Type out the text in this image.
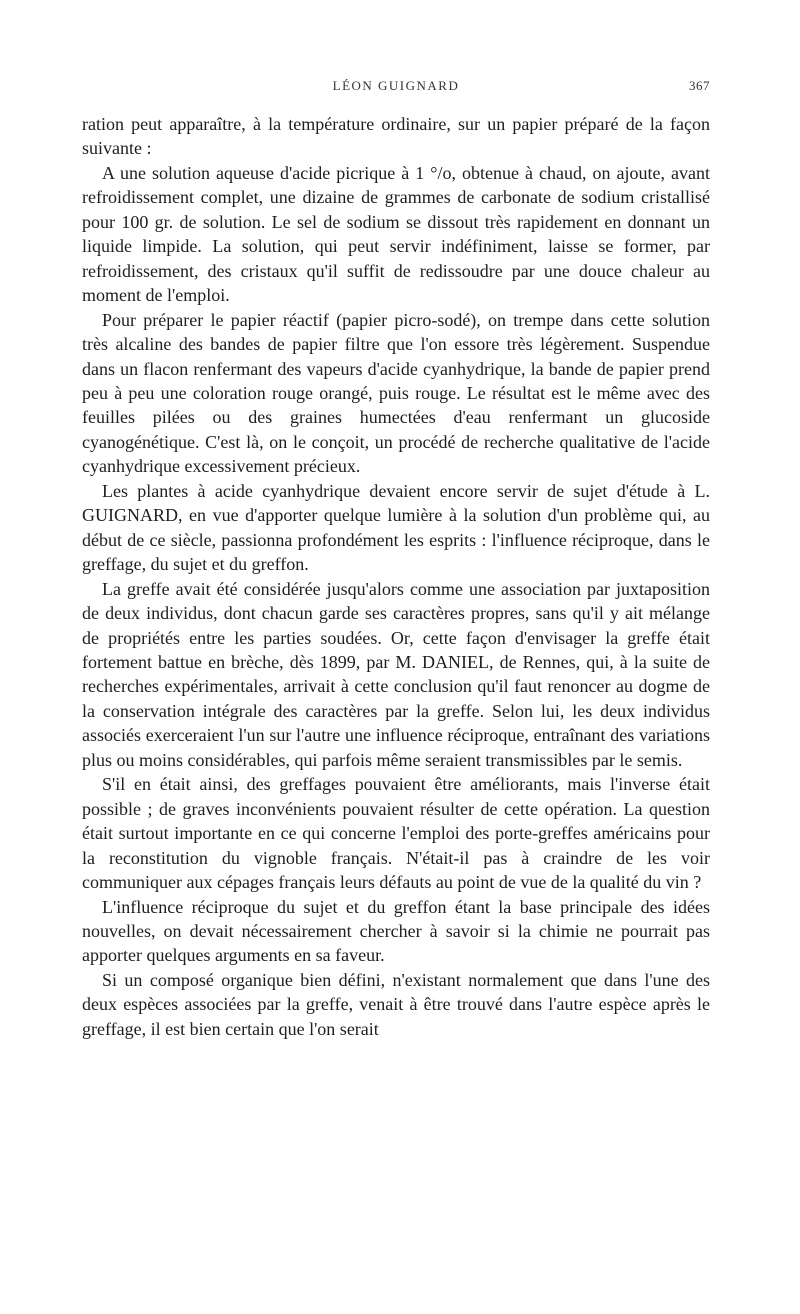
LÉON GUIGNARD	367

ration peut apparaître, à la température ordinaire, sur un papier préparé de la façon suivante :

A une solution aqueuse d'acide picrique à 1 °/o, obtenue à chaud, on ajoute, avant refroidissement complet, une dizaine de grammes de carbonate de sodium cristallisé pour 100 gr. de solution. Le sel de sodium se dissout très rapidement en donnant un liquide limpide. La solution, qui peut servir indéfiniment, laisse se former, par refroidissement, des cristaux qu'il suffit de redissoudre par une douce chaleur au moment de l'emploi.

Pour préparer le papier réactif (papier picro-sodé), on trempe dans cette solution très alcaline des bandes de papier filtre que l'on essore très légèrement. Suspendue dans un flacon renfermant des vapeurs d'acide cyanhydrique, la bande de papier prend peu à peu une coloration rouge orangé, puis rouge. Le résultat est le même avec des feuilles pilées ou des graines humectées d'eau renfermant un glucoside cyanogénétique. C'est là, on le conçoit, un procédé de recherche qualitative de l'acide cyanhydrique excessivement précieux.

Les plantes à acide cyanhydrique devaient encore servir de sujet d'étude à L. GUIGNARD, en vue d'apporter quelque lumière à la solution d'un problème qui, au début de ce siècle, passionna profondément les esprits : l'influence réciproque, dans le greffage, du sujet et du greffon.

La greffe avait été considérée jusqu'alors comme une association par juxtaposition de deux individus, dont chacun garde ses caractères propres, sans qu'il y ait mélange de propriétés entre les parties soudées. Or, cette façon d'envisager la greffe était fortement battue en brèche, dès 1899, par M. DANIEL, de Rennes, qui, à la suite de recherches expérimentales, arrivait à cette conclusion qu'il faut renoncer au dogme de la conservation intégrale des caractères par la greffe. Selon lui, les deux individus associés exerceraient l'un sur l'autre une influence réciproque, entraînant des variations plus ou moins considérables, qui parfois même seraient transmissibles par le semis.

S'il en était ainsi, des greffages pouvaient être améliorants, mais l'inverse était possible ; de graves inconvénients pouvaient résulter de cette opération. La question était surtout importante en ce qui concerne l'emploi des porte-greffes américains pour la reconstitution du vignoble français. N'était-il pas à craindre de les voir communiquer aux cépages français leurs défauts au point de vue de la qualité du vin ?

L'influence réciproque du sujet et du greffon étant la base principale des idées nouvelles, on devait nécessairement chercher à savoir si la chimie ne pourrait pas apporter quelques arguments en sa faveur.

Si un composé organique bien défini, n'existant normalement que dans l'une des deux espèces associées par la greffe, venait à être trouvé dans l'autre espèce après le greffage, il est bien certain que l'on serait
